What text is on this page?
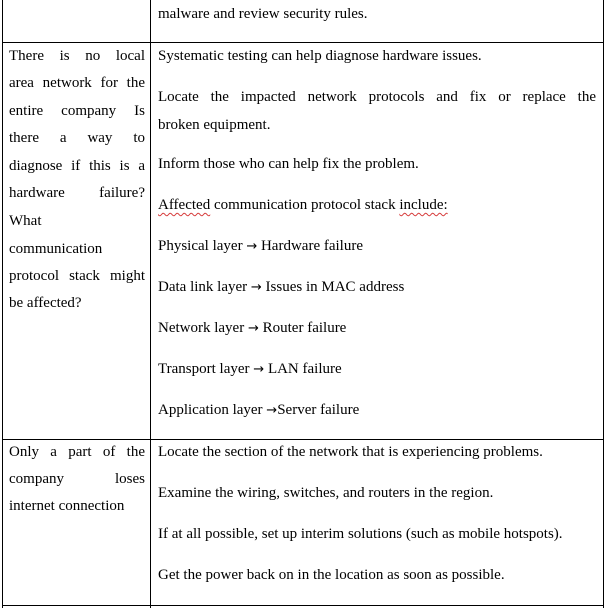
malware and review security rules.
There is no local
area network for the
entire company Is
there a way to
diagnose if this is a
hardware failure?
What
communication
protocol stack might
be affected?
Systematic testing can help diagnose hardware issues.
Locate the impacted network protocols and fix or replace the
broken equipment.
Inform those who can help fix the problem.
Affected communication protocol stack include:
Physical layer → Hardware failure
Data link layer → Issues in MAC address
Network layer → Router failure
Transport layer → LAN failure
Application layer →Server failure
Only a part of the
company loses
internet connection
Locate the section of the network that is experiencing problems.
Examine the wiring, switches, and routers in the region.
If at all possible, set up interim solutions (such as mobile hotspots).
Get the power back on in the location as soon as possible.
